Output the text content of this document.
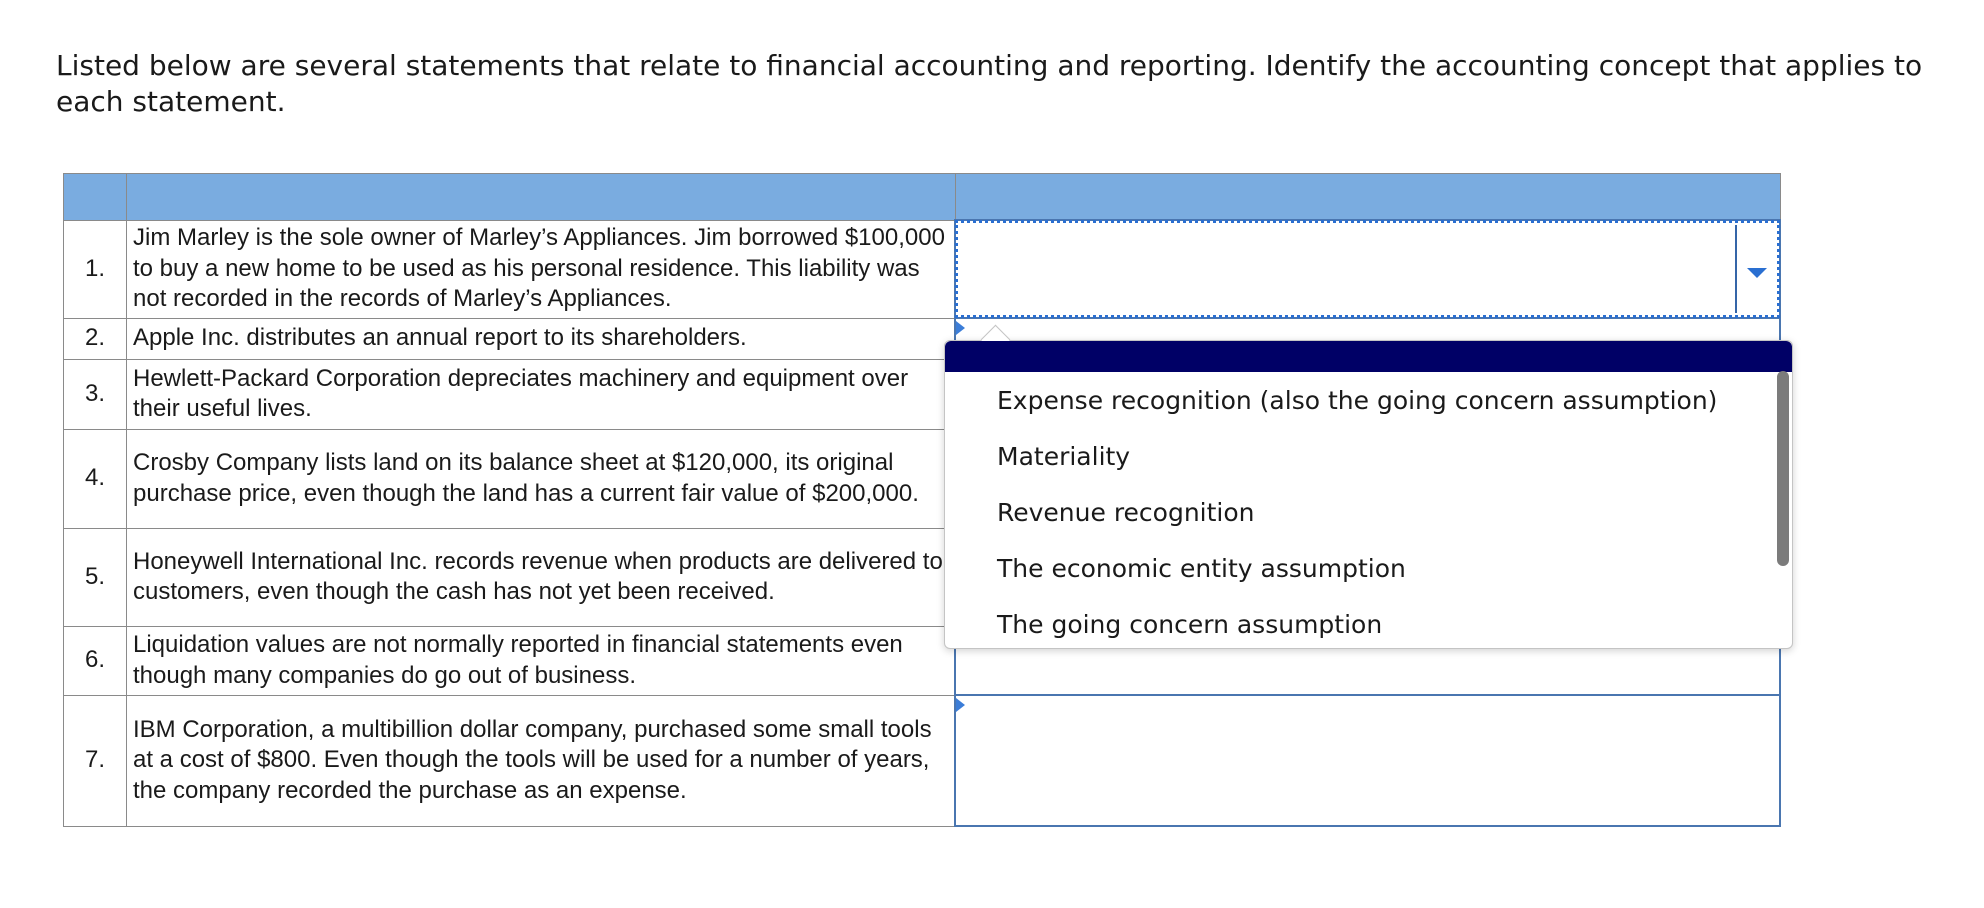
Listed below are several statements that relate to financial accounting and reporting. Identify the accounting concept that applies to each statement.

1.	Jim Marley is the sole owner of Marley’s Appliances. Jim borrowed $100,000 to buy a new home to be used as his personal residence. This liability was not recorded in the records of Marley’s Appliances.	

2.	Apple Inc. distributes an annual report to its shareholders.	

3.	Hewlett-Packard Corporation depreciates machinery and equipment over their useful lives.	

4.	Crosby Company lists land on its balance sheet at $120,000, its original purchase price, even though the land has a current fair value of $200,000.	

5.	Honeywell International Inc. records revenue when products are delivered to customers, even though the cash has not yet been received.	

6.	Liquidation values are not normally reported in financial statements even though many companies do go out of business.	

7.	IBM Corporation, a multibillion dollar company, purchased some small tools at a cost of $800. Even though the tools will be used for a number of years, the company recorded the purchase as an expense.	
Expense recognition (also the going concern assumption)
Materiality
Revenue recognition
The economic entity assumption
The going concern assumption
